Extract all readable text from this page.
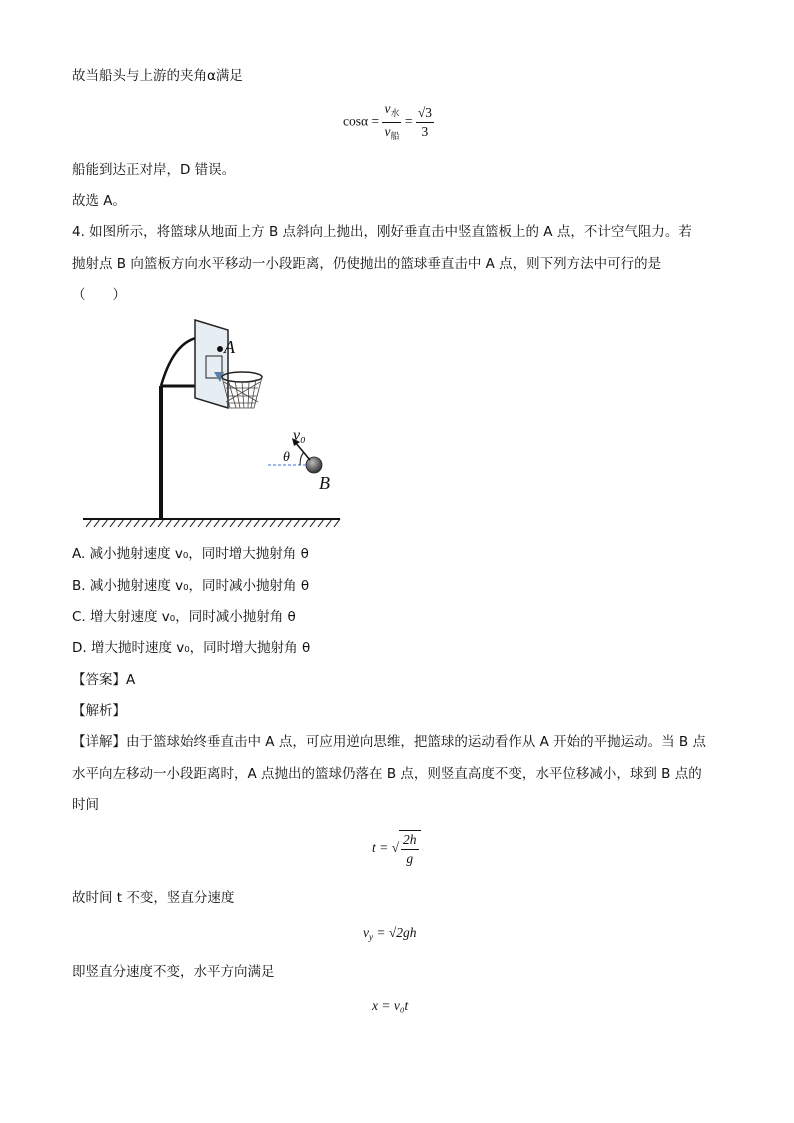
故当船头与上游的夹角α满足
$\cos\alpha = \frac{v_水}{v_船} = \frac{√3}{3}$
船能到达正对岸，D 错误。
故选 A。
4. 如图所示，将篮球从地面上方 B 点斜向上抛出，刚好垂直击中竖直篮板上的 A 点，不计空气阻力。若
抛射点 B 向篮板方向水平移动一小段距离，仍使抛出的篮球垂直击中 A 点，则下列方法中可行的是
（　　）
A
θ
v₀
B
A. 减小抛射速度 v₀，同时增大抛射角 θ
B. 减小抛射速度 v₀，同时减小抛射角 θ
C. 增大射速度 v₀，同时减小抛射角 θ
D. 增大抛时速度 v₀，同时增大抛射角 θ
【答案】A
【解析】
【详解】由于篮球始终垂直击中 A 点，可应用逆向思维，把篮球的运动看作从 A 开始的平抛运动。当 B 点
水平向左移动一小段距离时，A 点抛出的篮球仍落在 B 点，则竖直高度不变，水平位移减小，球到 B 点的
时间
t = √ $\frac{2h}{g}$
故时间 t 不变，竖直分速度
$v_y = √2gh$
即竖直分速度不变，水平方向满足
x = v₀t
